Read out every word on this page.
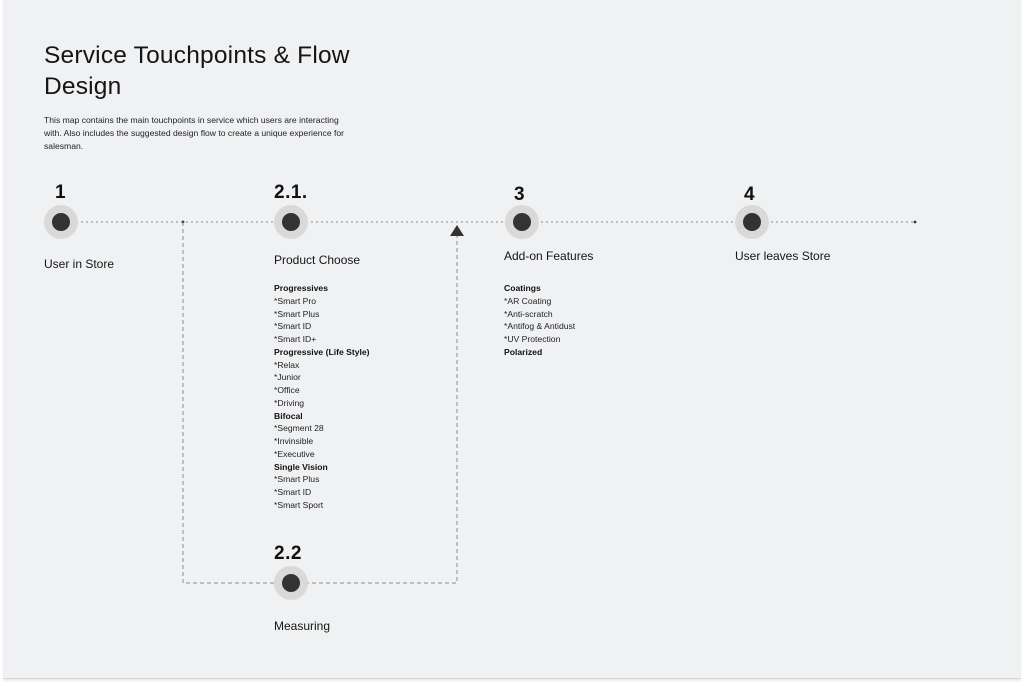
Service Touchpoints & Flow Design
This map contains the main touchpoints in service which users are interacting with. Also includes the suggested design flow to create a unique experience for salesman.
1
User in Store
2.1.
Product Choose
Progressives
*Smart Pro
*Smart Plus
*Smart ID
*Smart ID+
Progressive (Life Style)
*Relax
*Junior
*Office
*Driving
Bifocal
*Segment 28
*Invinsible
*Executive
Single Vision
*Smart Plus
*Smart ID
*Smart Sport
2.2
Measuring
3
Add-on Features
Coatings
*AR Coating
*Anti-scratch
*Antifog & Antidust
*UV Protection
Polarized
4
User leaves Store
